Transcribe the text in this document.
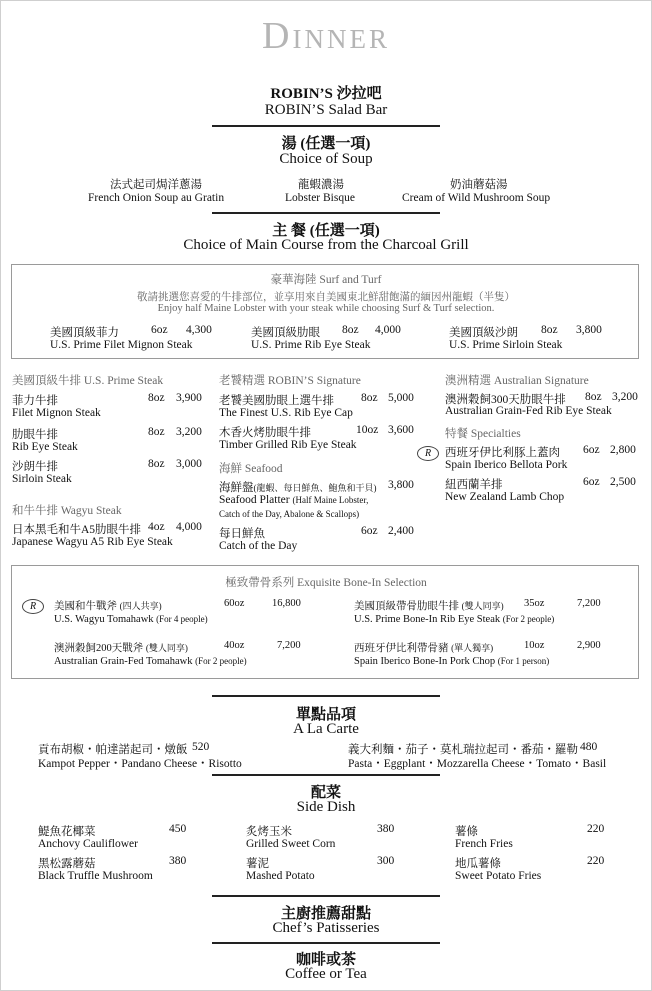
Dinner
ROBIN’S 沙拉吧
ROBIN’S Salad Bar
湯 (任選一項)
Choice of Soup
法式起司焗洋蔥湯
French Onion Soup au Gratin
龍蝦濃湯
Lobster Bisque
奶油蘑菇湯
Cream of Wild Mushroom Soup
主 餐 (任選一項)
Choice of Main Course from the Charcoal Grill
豪華海陸 Surf and Turf
敬請挑選您喜愛的牛排部位，並享用來自美國東北鮮甜飽滿的緬因州龍蝦（半隻）
Enjoy half Maine Lobster with your steak while choosing Surf & Turf selection.
美國頂級菲力	6oz 4,300
U.S. Prime Filet Mignon Steak
美國頂級肋眼 8oz 4,000
U.S. Prime Rib Eye Steak
美國頂級沙朗 8oz 3,800
U.S. Prime Sirloin Steak
美國頂級牛排 U.S. Prime Steak
菲力牛排	8oz 3,900
Filet Mignon Steak
肋眼牛排	8oz 3,200
Rib Eye Steak
沙朗牛排	8oz 3,000
Sirloin Steak
和牛牛排 Wagyu Steak
日本黑毛和牛A5肋眼牛排 4oz 4,000
Japanese Wagyu A5 Rib Eye Steak
老饕精選 ROBIN’S Signature
老饕美國肋眼上選牛排 8oz 5,000
The Finest U.S. Rib Eye Cap
木香火烤肋眼牛排	10oz 3,600
Timber Grilled Rib Eye Steak
海鮮 Seafood
海鮮盤(龍蝦、每日鮮魚、鮑魚和干貝) 3,800
Seafood Platter (Half Maine Lobster,
Catch of the Day, Abalone & Scallops)
每日鮮魚	6oz 2,400
Catch of the Day
澳洲精選 Australian Signature
澳洲穀飼300天肋眼牛排 8oz 3,200
Australian Grain-Fed Rib Eye Steak
特餐 Specialties
R	西班牙伊比利豚上蓋肉 6oz 2,800
Spain Iberico Bellota Pork
紐西蘭羊排	6oz 2,500
New Zealand Lamb Chop
極致帶骨系列 Exquisite Bone-In Selection
R	美國和牛戰斧 (四人共享)	60oz	16,800
U.S. Wagyu Tomahawk (For 4 people)
美國頂級帶骨肋眼牛排 (雙人同享) 35oz	7,200
U.S. Prime Bone-In Rib Eye Steak (For 2 people)
澳洲穀飼200天戰斧 (雙人同享)	40oz	7,200
Australian Grain-Fed Tomahawk (For 2 people)
西班牙伊比利帶骨豬 (單人獨享)	10oz	2,900
Spain Iberico Bone-In Pork Chop (For 1 person)
單點品項
A La Carte
貢布胡椒・帕達諾起司・燉飯 520
Kampot Pepper・Pandano Cheese・Risotto
義大利麵・茄子・莫札瑞拉起司・番茄・羅勒 480
Pasta・Eggplant・Mozzarella Cheese・Tomato・Basil
配菜
Side Dish
鯷魚花椰菜	450
Anchovy Cauliflower
炙烤玉米	380
Grilled Sweet Corn
薯條	220
French Fries
黑松露蘑菇	380
Black Truffle Mushroom
薯泥	300
Mashed Potato
地瓜薯條	220
Sweet Potato Fries
主廚推薦甜點
Chef’s Patisseries
咖啡或茶
Coffee or Tea
